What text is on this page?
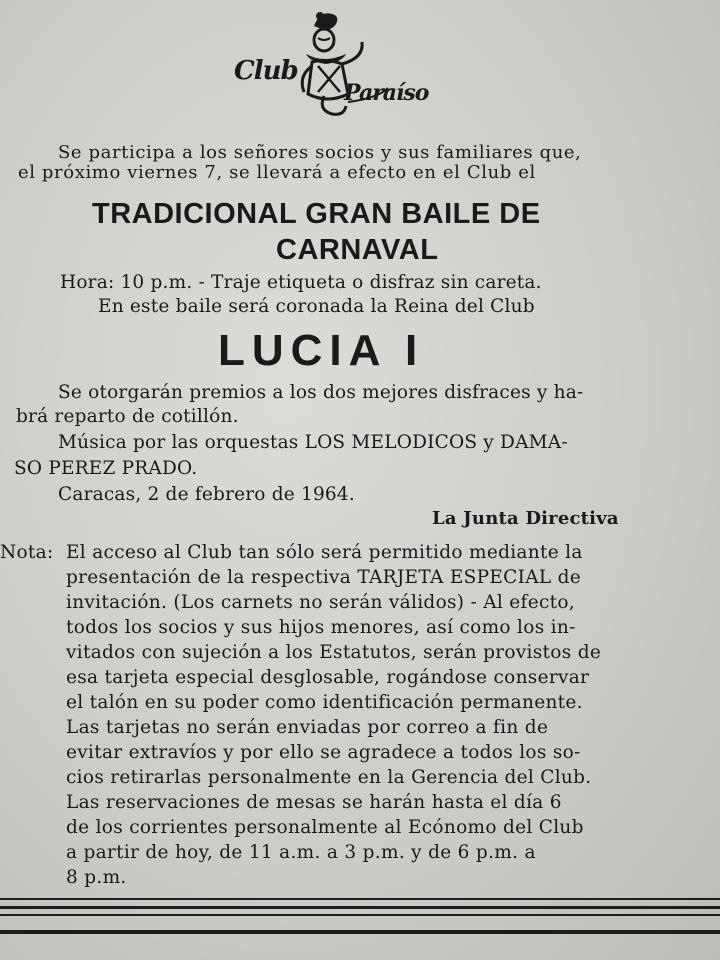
Club
Paraíso
Se participa a los señores socios y sus familiares que,
el próximo viernes 7, se llevará a efecto en el Club el
TRADICIONAL GRAN BAILE DE
CARNAVAL
Hora: 10 p.m. - Traje etiqueta o disfraz sin careta.
En este baile será coronada la Reina del Club
LUCIA I
Se otorgarán premios a los dos mejores disfraces y ha-
brá reparto de cotillón.
Música por las orquestas LOS MELODICOS y DAMA-
SO PEREZ PRADO.
Caracas, 2 de febrero de 1964.
La Junta Directiva
Nota: El acceso al Club tan sólo será permitido mediante la
presentación de la respectiva TARJETA ESPECIAL de
invitación. (Los carnets no serán válidos) - Al efecto,
todos los socios y sus hijos menores, así como los in-
vitados con sujeción a los Estatutos, serán provistos de
esa tarjeta especial desglosable, rogándose conservar
el talón en su poder como identificación permanente.
Las tarjetas no serán enviadas por correo a fin de
evitar extravíos y por ello se agradece a todos los so-
cios retirarlas personalmente en la Gerencia del Club.
Las reservaciones de mesas se harán hasta el día 6
de los corrientes personalmente al Ecónomo del Club
a partir de hoy, de 11 a.m. a 3 p.m. y de 6 p.m. a
8 p.m.
